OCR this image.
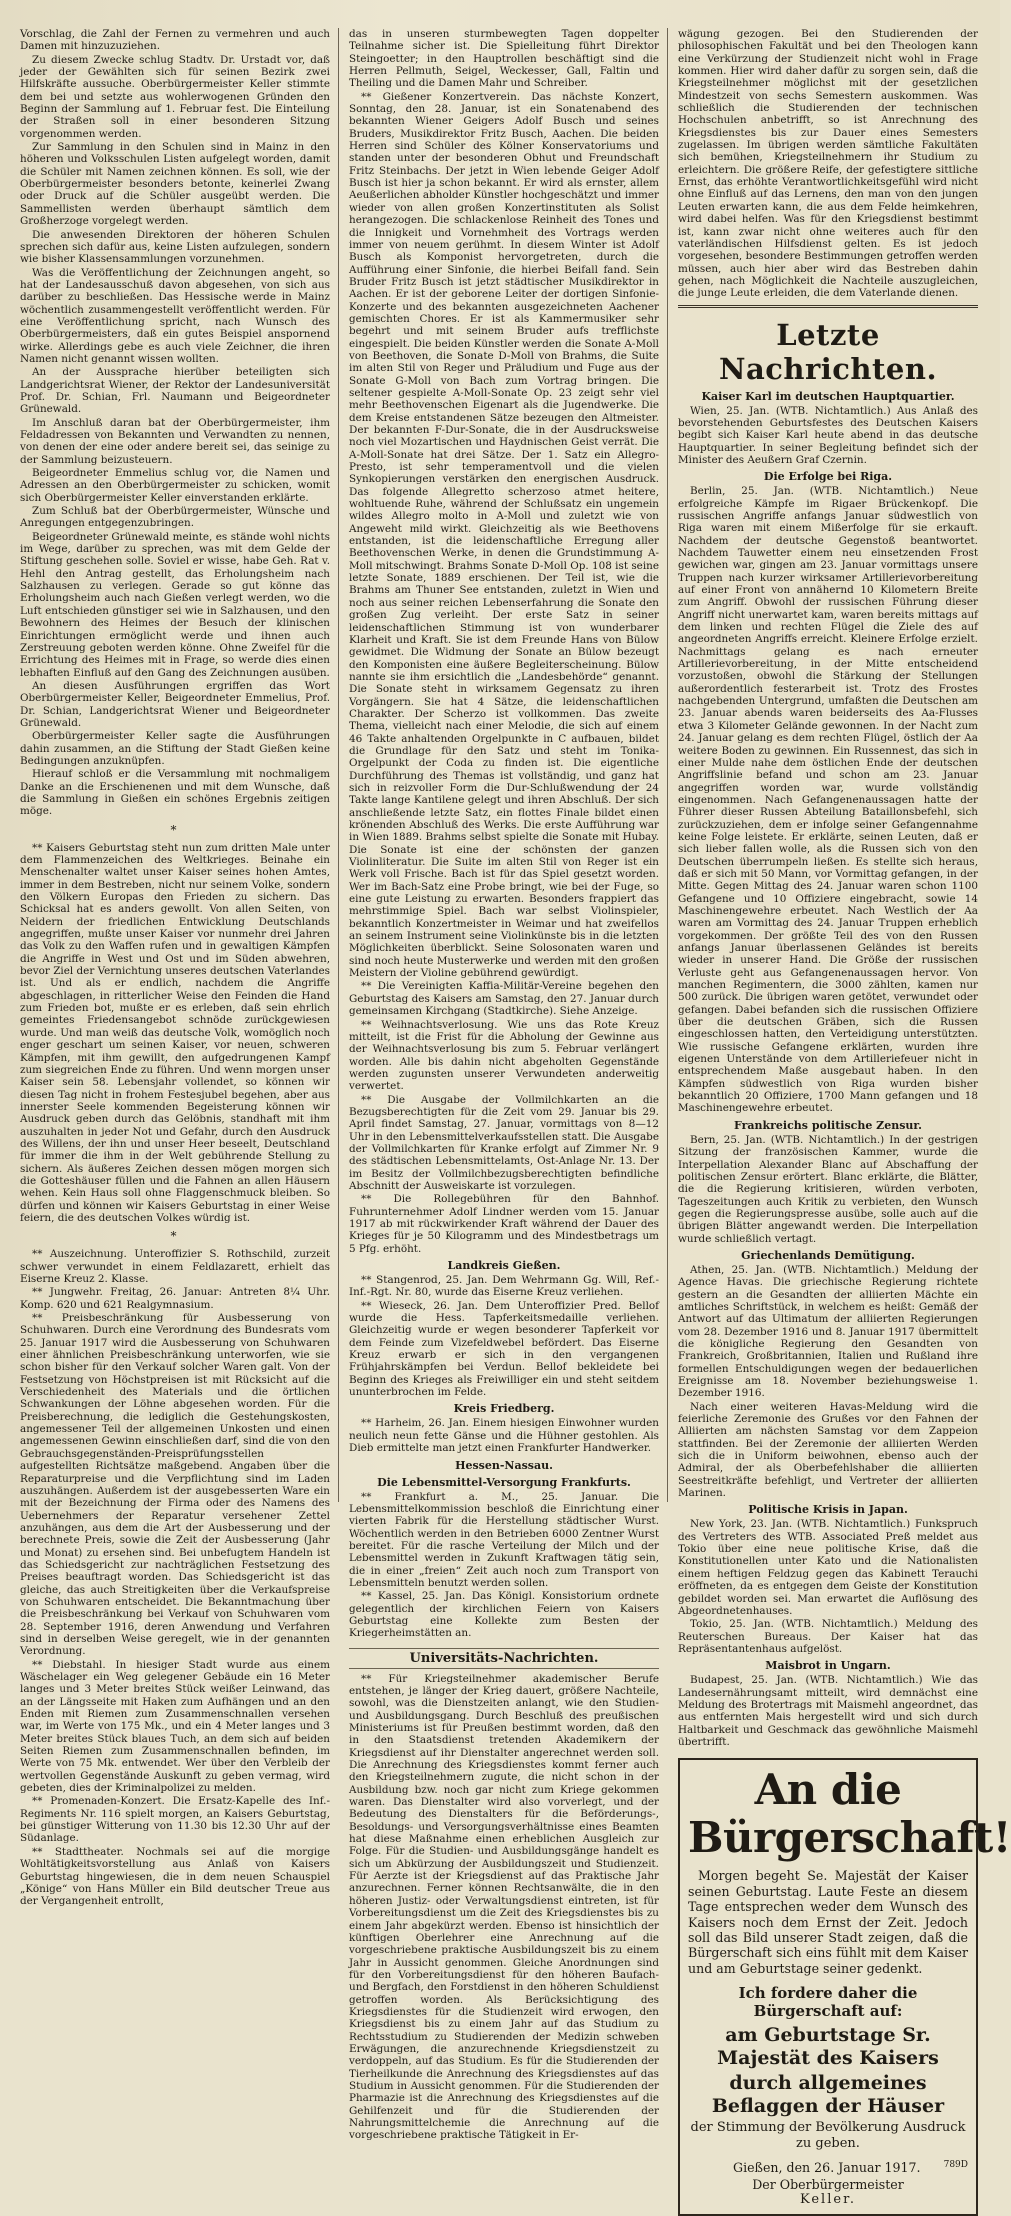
Vorschlag, die Zahl der Fernen zu vermehren und auch Damen mit hinzuzuziehen.

Zu diesem Zwecke schlug Stadtv. Dr. Urstadt vor, daß jeder der Gewählten sich für seinen Bezirk zwei Hilfskräfte aussuche. Oberbürgermeister Keller stimmte dem bei und setzte aus wohlerwogenen Gründen den Beginn der Sammlung auf 1. Februar fest. Die Einteilung der Straßen soll in einer besonderen Sitzung vorgenommen werden.

Zur Sammlung in den Schulen sind in Mainz in den höheren und Volksschulen Listen aufgelegt worden, damit die Schüler mit Namen zeichnen können. Es soll, wie der Oberbürgermeister besonders betonte, keinerlei Zwang oder Druck auf die Schüler ausgeübt werden. Die Sammellisten werden überhaupt sämtlich dem Großherzoge vorgelegt werden.

Die anwesenden Direktoren der höheren Schulen sprechen sich dafür aus, keine Listen aufzulegen, sondern wie bisher Klassensammlungen vorzunehmen.

Was die Veröffentlichung der Zeichnungen angeht, so hat der Landesausschuß davon abgesehen, von sich aus darüber zu beschließen. Das Hessische werde in Mainz wöchentlich zusammengestellt veröffentlicht werden. Für eine Veröffentlichung spricht, nach Wunsch des Oberbürgermeisters, daß ein gutes Beispiel anspornend wirke. Allerdings gebe es auch viele Zeichner, die ihren Namen nicht genannt wissen wollten.

An der Aussprache hierüber beteiligten sich Landgerichtsrat Wiener, der Rektor der Landesuniversität Prof. Dr. Schian, Frl. Naumann und Beigeordneter Grünewald.

Im Anschluß daran bat der Oberbürgermeister, ihm Feldadressen von Bekannten und Verwandten zu nennen, von denen der eine oder andere bereit sei, das seinige zu der Sammlung beizusteuern.

Beigeordneter Emmelius schlug vor, die Namen und Adressen an den Oberbürgermeister zu schicken, womit sich Oberbürgermeister Keller einverstanden erklärte.

Zum Schluß bat der Oberbürgermeister, Wünsche und Anregungen entgegenzubringen.

Beigeordneter Grünewald meinte, es stände wohl nichts im Wege, darüber zu sprechen, was mit dem Gelde der Stiftung geschehen solle. Soviel er wisse, habe Geh. Rat v. Hehl den Antrag gestellt, das Erholungsheim nach Salzhausen zu verlegen. Gerade so gut könne das Erholungsheim auch nach Gießen verlegt werden, wo die Luft entschieden günstiger sei wie in Salzhausen, und den Bewohnern des Heimes der Besuch der klinischen Einrichtungen ermöglicht werde und ihnen auch Zerstreuung geboten werden könne. Ohne Zweifel für die Errichtung des Heimes mit in Frage, so werde dies einen lebhaften Einfluß auf den Gang des Zeichnungen ausüben.

An diesen Ausführungen ergriffen das Wort Oberbürgermeister Keller, Beigeordneter Emmelius, Prof. Dr. Schian, Landgerichtsrat Wiener und Beigeordneter Grünewald.

Oberbürgermeister Keller sagte die Ausführungen dahin zusammen, an die Stiftung der Stadt Gießen keine Bedingungen anzuknüpfen.

Hierauf schloß er die Versammlung mit nochmaligem Danke an die Erschienenen und mit dem Wunsche, daß die Sammlung in Gießen ein schönes Ergebnis zeitigen möge.

*

** Kaisers Geburtstag steht nun zum dritten Male unter dem Flammenzeichen des Weltkrieges. Beinahe ein Menschenalter waltet unser Kaiser seines hohen Amtes, immer in dem Bestreben, nicht nur seinem Volke, sondern den Völkern Europas den Frieden zu sichern. Das Schicksal hat es anders gewollt. Von allen Seiten, von Neidern der friedlichen Entwicklung Deutschlands angegriffen, mußte unser Kaiser vor nunmehr drei Jahren das Volk zu den Waffen rufen und in gewaltigen Kämpfen die Angriffe in West und Ost und im Süden abwehren, bevor Ziel der Vernichtung unseres deutschen Vaterlandes ist. Und als er endlich, nachdem die Angriffe abgeschlagen, in ritterlicher Weise den Feinden die Hand zum Frieden bot, mußte er es erleben, daß sein ehrlich gemeintes Friedensangebot schnöde zurückgewiesen wurde. Und man weiß das deutsche Volk, womöglich noch enger geschart um seinen Kaiser, vor neuen, schweren Kämpfen, mit ihm gewillt, den aufgedrungenen Kampf zum siegreichen Ende zu führen. Und wenn morgen unser Kaiser sein 58. Lebensjahr vollendet, so können wir diesen Tag nicht in frohem Festesjubel begehen, aber aus innerster Seele kommenden Begeisterung können wir Ausdruck geben durch das Gelöbnis, standhaft mit ihm auszuhalten in jeder Not und Gefahr, durch den Ausdruck des Willens, der ihn und unser Heer beseelt, Deutschland für immer die ihm in der Welt gebührende Stellung zu sichern. Als äußeres Zeichen dessen mögen morgen sich die Gotteshäuser füllen und die Fahnen an allen Häusern wehen. Kein Haus soll ohne Flaggenschmuck bleiben. So dürfen und können wir Kaisers Geburtstag in einer Weise feiern, die des deutschen Volkes würdig ist.

*

** Auszeichnung. Unteroffizier S. Rothschild, zurzeit schwer verwundet in einem Feldlazarett, erhielt das Eiserne Kreuz 2. Klasse.

** Jungwehr. Freitag, 26. Januar: Antreten 8¼ Uhr. Komp. 620 und 621 Realgymnasium.

** Preisbeschränkung für Ausbesserung von Schuhwaren. Durch eine Verordnung des Bundesrats vom 25. Januar 1917 wird die Ausbesserung von Schuhwaren einer ähnlichen Preisbeschränkung unterworfen, wie sie schon bisher für den Verkauf solcher Waren galt. Von der Festsetzung von Höchstpreisen ist mit Rücksicht auf die Verschiedenheit des Materials und die örtlichen Schwankungen der Löhne abgesehen worden. Für die Preisberechnung, die lediglich die Gestehungskosten, angemessener Teil der allgemeinen Unkosten und einen angemessenen Gewinn einschließen darf, sind die von den Gebrauchsgegenständen-Preisprüfungsstellen aufgestellten Richtsätze maßgebend. Angaben über die Reparaturpreise und die Verpflichtung sind im Laden auszuhängen. Außerdem ist der ausgebesserten Ware ein mit der Bezeichnung der Firma oder des Namens des Uebernehmers der Reparatur versehener Zettel anzuhängen, aus dem die Art der Ausbesserung und der berechnete Preis, sowie die Zeit der Ausbesserung (Jahr und Monat) zu ersehen sind. Bei unbefugtem Handeln ist das Schiedsgericht zur nachträglichen Festsetzung des Preises beauftragt worden. Das Schiedsgericht ist das gleiche, das auch Streitigkeiten über die Verkaufspreise von Schuhwaren entscheidet. Die Bekanntmachung über die Preisbeschränkung bei Verkauf von Schuhwaren vom 28. September 1916, deren Anwendung und Verfahren sind in derselben Weise geregelt, wie in der genannten Verordnung.

** Diebstahl. In hiesiger Stadt wurde aus einem Wäschelager ein Weg gelegener Gebäude ein 16 Meter langes und 3 Meter breites Stück weißer Leinwand, das an der Längsseite mit Haken zum Aufhängen und an den Enden mit Riemen zum Zusammenschnallen versehen war, im Werte von 175 Mk., und ein 4 Meter langes und 3 Meter breites Stück blaues Tuch, an dem sich auf beiden Seiten Riemen zum Zusammenschnallen befinden, im Werte von 75 Mk. entwendet. Wer über den Verbleib der wertvollen Gegenstände Auskunft zu geben vermag, wird gebeten, dies der Kriminalpolizei zu melden.

** Promenaden-Konzert. Die Ersatz-Kapelle des Inf.-Regiments Nr. 116 spielt morgen, an Kaisers Geburtstag, bei günstiger Witterung von 11.30 bis 12.30 Uhr auf der Südanlage.

** Stadttheater. Nochmals sei auf die morgige Wohltätigkeitsvorstellung aus Anlaß von Kaisers Geburtstag hingewiesen, die in dem neuen Schauspiel „Könige“ von Hans Müller ein Bild deutscher Treue aus der Vergangenheit entrollt,

das in unseren sturmbewegten Tagen doppelter Teilnahme sicher ist. Die Spielleitung führt Direktor Steingoetter; in den Hauptrollen beschäftigt sind die Herren Pellmuth, Seigel, Weckesser, Gall, Faltin und Theiling und die Damen Mahr und Schreiber.

** Gießener Konzertverein. Das nächste Konzert, Sonntag, den 28. Januar, ist ein Sonatenabend des bekannten Wiener Geigers Adolf Busch und seines Bruders, Musikdirektor Fritz Busch, Aachen. Die beiden Herren sind Schüler des Kölner Konservatoriums und standen unter der besonderen Obhut und Freundschaft Fritz Steinbachs. Der jetzt in Wien lebende Geiger Adolf Busch ist hier ja schon bekannt. Er wird als ernster, allem Aeußerlichen abholder Künstler hochgeschätzt und immer wieder von allen großen Konzertinstituten als Solist herangezogen. Die schlackenlose Reinheit des Tones und die Innigkeit und Vornehmheit des Vortrags werden immer von neuem gerühmt. In diesem Winter ist Adolf Busch als Komponist hervorgetreten, durch die Aufführung einer Sinfonie, die hierbei Beifall fand. Sein Bruder Fritz Busch ist jetzt städtischer Musikdirektor in Aachen. Er ist der geborene Leiter der dortigen Sinfonie-Konzerte und des bekannten ausgezeichneten Aachener gemischten Chores. Er ist als Kammermusiker sehr begehrt und mit seinem Bruder aufs trefflichste eingespielt. Die beiden Künstler werden die Sonate A-Moll von Beethoven, die Sonate D-Moll von Brahms, die Suite im alten Stil von Reger und Präludium und Fuge aus der Sonate G-Moll von Bach zum Vortrag bringen. Die seltener gespielte A-Moll-Sonate Op. 23 zeigt sehr viel mehr Beethovenschen Eigenart als die Jugendwerke. Die dem Kreise entstandenen Sätze bezeugen den Altmeister. Der bekannten F-Dur-Sonate, die in der Ausdrucksweise noch viel Mozartischen und Haydnischen Geist verrät. Die A-Moll-Sonate hat drei Sätze. Der 1. Satz ein Allegro-Presto, ist sehr temperamentvoll und die vielen Synkopierungen verstärken den energischen Ausdruck. Das folgende Allegretto scherzoso atmet heitere, wohltuende Ruhe, während der Schlußsatz ein ungemein wildes Allegro molto in A-Moll und zuletzt wie von Angeweht mild wirkt. Gleichzeitig als wie Beethovens entstanden, ist die leidenschaftliche Erregung aller Beethovenschen Werke, in denen die Grundstimmung A-Moll mitschwingt. Brahms Sonate D-Moll Op. 108 ist seine letzte Sonate, 1889 erschienen. Der Teil ist, wie die Brahms am Thuner See entstanden, zuletzt in Wien und noch aus seiner reichen Lebenserfahrung die Sonate den großen Zug verleiht. Der erste Satz in seiner leidenschaftlichen Stimmung ist von wunderbarer Klarheit und Kraft. Sie ist dem Freunde Hans von Bülow gewidmet. Die Widmung der Sonate an Bülow bezeugt den Komponisten eine äußere Begleiterscheinung. Bülow nannte sie ihm ersichtlich die „Landesbehörde“ genannt. Die Sonate steht in wirksamem Gegensatz zu ihren Vorgängern. Sie hat 4 Sätze, die leidenschaftlichen Charakter. Der Scherzo ist vollkommen. Das zweite Thema, vielleicht nach einer Melodie, die sich auf einem 46 Takte anhaltenden Orgelpunkte in C aufbauen, bildet die Grundlage für den Satz und steht im Tonika-Orgelpunkt der Coda zu finden ist. Die eigentliche Durchführung des Themas ist vollständig, und ganz hat sich in reizvoller Form die Dur-Schlußwendung der 24 Takte lange Kantilene gelegt und ihren Abschluß. Der sich anschließende letzte Satz, ein flottes Finale bildet einen krönenden Abschluß des Werks. Die erste Aufführung war in Wien 1889. Brahms selbst spielte die Sonate mit Hubay. Die Sonate ist eine der schönsten der ganzen Violinliteratur. Die Suite im alten Stil von Reger ist ein Werk voll Frische. Bach ist für das Spiel gesetzt worden. Wer im Bach-Satz eine Probe bringt, wie bei der Fuge, so eine gute Leistung zu erwarten. Besonders frappiert das mehrstimmige Spiel. Bach war selbst Violinspieler, bekanntlich Konzertmeister in Weimar und hat zweifellos an seinem Instrument seine Violinkünste bis in die letzten Möglichkeiten überblickt. Seine Solosonaten waren und sind noch heute Musterwerke und werden mit den großen Meistern der Violine gebührend gewürdigt.

** Die Vereinigten Kaffia-Militär-Vereine begehen den Geburtstag des Kaisers am Samstag, den 27. Januar durch gemeinsamen Kirchgang (Stadtkirche). Siehe Anzeige.

** Weihnachtsverlosung. Wie uns das Rote Kreuz mitteilt, ist die Frist für die Abholung der Gewinne aus der Weihnachtsverlosung bis zum 5. Februar verlängert worden. Alle bis dahin nicht abgeholten Gegenstände werden zugunsten unserer Verwundeten anderweitig verwertet.

** Die Ausgabe der Vollmilchkarten an die Bezugsberechtigten für die Zeit vom 29. Januar bis 29. April findet Samstag, 27. Januar, vormittags von 8—12 Uhr in den Lebensmittelverkaufsstellen statt. Die Ausgabe der Vollmilchkarten für Kranke erfolgt auf Zimmer Nr. 9 des städtischen Lebensmittelamts, Ost-Anlage Nr. 13. Der im Besitz der Vollmilchbezugsberechtigten befindliche Abschnitt der Ausweiskarte ist vorzulegen.

** Die Rollegebühren für den Bahnhof. Fuhrunternehmer Adolf Lindner werden vom 15. Januar 1917 ab mit rückwirkender Kraft während der Dauer des Krieges für je 50 Kilogramm und des Mindestbetrags um 5 Pfg. erhöht.

Landkreis Gießen.

** Stangenrod, 25. Jan. Dem Wehrmann Gg. Will, Ref.-Inf.-Rgt. Nr. 80, wurde das Eiserne Kreuz verliehen.

** Wieseck, 26. Jan. Dem Unteroffizier Pred. Bellof wurde die Hess. Tapferkeitsmedaille verliehen. Gleichzeitig wurde er wegen besonderer Tapferkeit vor dem Feinde zum Vizefeldwebel befördert. Das Eiserne Kreuz erwarb er sich in den vergangenen Frühjahrskämpfen bei Verdun. Bellof bekleidete bei Beginn des Krieges als Freiwilliger ein und steht seitdem ununterbrochen im Felde.

Kreis Friedberg.

** Harheim, 26. Jan. Einem hiesigen Einwohner wurden neulich neun fette Gänse und die Hühner gestohlen. Als Dieb ermittelte man jetzt einen Frankfurter Handwerker.

Hessen-Nassau.
Die Lebensmittel-Versorgung Frankfurts.

** Frankfurt a. M., 25. Januar. Die Lebensmittelkommission beschloß die Einrichtung einer vierten Fabrik für die Herstellung städtischer Wurst. Wöchentlich werden in den Betrieben 6000 Zentner Wurst bereitet. Für die rasche Verteilung der Milch und der Lebensmittel werden in Zukunft Kraftwagen tätig sein, die in einer „freien“ Zeit auch noch zum Transport von Lebensmitteln benutzt werden sollen.

** Kassel, 25. Jan. Das Königl. Konsistorium ordnete gelegentlich der kirchlichen Feiern von Kaisers Geburtstag eine Kollekte zum Besten der Kriegerheimstätten an.

Universitäts-Nachrichten.

** Für Kriegsteilnehmer akademischer Berufe entstehen, je länger der Krieg dauert, größere Nachteile, sowohl, was die Dienstzeiten anlangt, wie den Studien- und Ausbildungsgang. Durch Beschluß des preußischen Ministeriums ist für Preußen bestimmt worden, daß den in den Staatsdienst tretenden Akademikern der Kriegsdienst auf ihr Dienstalter angerechnet werden soll. Die Anrechnung des Kriegsdienstes kommt ferner auch den Kriegsteilnehmern zugute, die nicht schon in der Ausbildung bzw. noch gar nicht zum Kriege gekommen waren. Das Dienstalter wird also vorverlegt, und der Bedeutung des Dienstalters für die Beförderungs-, Besoldungs- und Versorgungsverhältnisse eines Beamten hat diese Maßnahme einen erheblichen Ausgleich zur Folge. Für die Studien- und Ausbildungsgänge handelt es sich um Abkürzung der Ausbildungszeit und Studienzeit. Für Aerzte ist der Kriegsdienst auf das Praktische Jahr anzurechnen. Ferner können Rechtsanwälte, die in den höheren Justiz- oder Verwaltungsdienst eintreten, ist für Vorbereitungsdienst um die Zeit des Kriegsdienstes bis zu einem Jahr abgekürzt werden. Ebenso ist hinsichtlich der künftigen Oberlehrer eine Anrechnung auf die vorgeschriebene praktische Ausbildungszeit bis zu einem Jahr in Aussicht genommen. Gleiche Anordnungen sind für den Vorbereitungsdienst für den höheren Baufach- und Bergfach, den Forstdienst in den höheren Schuldienst getroffen worden. Als Berücksichtigung des Kriegsdienstes für die Studienzeit wird erwogen, den Kriegsdienst bis zu einem Jahr auf das Studium zu Rechtsstudium zu Studierenden der Medizin schweben Erwägungen, die anzurechnende Kriegsdienstzeit zu verdoppeln, auf das Studium. Es für die Studierenden der Tierheilkunde die Anrechnung des Kriegsdienstes auf das Studium in Aussicht genommen. Für die Studierenden der Pharmazie ist die Anrechnung des Kriegsdienstes auf die Gehilfenzeit und für die Studierenden der Nahrungsmittelchemie die Anrechnung auf die vorgeschriebene praktische Tätigkeit in Er-

wägung gezogen. Bei den Studierenden der philosophischen Fakultät und bei den Theologen kann eine Verkürzung der Studienzeit nicht wohl in Frage kommen. Hier wird daher dafür zu sorgen sein, daß die Kriegsteilnehmer möglichst mit der gesetzlichen Mindestzeit von sechs Semestern auskommen. Was schließlich die Studierenden der technischen Hochschulen anbetrifft, so ist Anrechnung des Kriegsdienstes bis zur Dauer eines Semesters zugelassen. Im übrigen werden sämtliche Fakultäten sich bemühen, Kriegsteilnehmern ihr Studium zu erleichtern. Die größere Reife, der gefestigtere sittliche Ernst, das erhöhte Verantwortlichkeitsgefühl wird nicht ohne Einfluß auf das Lernens, den man von den jungen Leuten erwarten kann, die aus dem Felde heimkehren, wird dabei helfen. Was für den Kriegsdienst bestimmt ist, kann zwar nicht ohne weiteres auch für den vaterländischen Hilfsdienst gelten. Es ist jedoch vorgesehen, besondere Bestimmungen getroffen werden müssen, auch hier aber wird das Bestreben dahin gehen, nach Möglichkeit die Nachteile auszugleichen, die junge Leute erleiden, die dem Vaterlande dienen.

Letzte Nachrichten.
Kaiser Karl im deutschen Hauptquartier.

Wien, 25. Jan. (WTB. Nichtamtlich.) Aus Anlaß des bevorstehenden Geburtsfestes des Deutschen Kaisers begibt sich Kaiser Karl heute abend in das deutsche Hauptquartier. In seiner Begleitung befindet sich der Minister des Aeußern Graf Czernin.

Die Erfolge bei Riga.

Berlin, 25. Jan. (WTB. Nichtamtlich.) Neue erfolgreiche Kämpfe im Rigaer Brückenkopf. Die russischen Angriffe anfangs Januar südwestlich von Riga waren mit einem Mißerfolge für sie erkauft. Nachdem der deutsche Gegenstoß beantwortet. Nachdem Tauwetter einem neu einsetzenden Frost gewichen war, gingen am 23. Januar vormittags unsere Truppen nach kurzer wirksamer Artillerievorbereitung auf einer Front von annähernd 10 Kilometern Breite zum Angriff. Obwohl der russischen Führung dieser Angriff nicht unerwartet kam, waren bereits mittags auf dem linken und rechten Flügel die Ziele des auf angeordneten Angriffs erreicht. Kleinere Erfolge erzielt. Nachmittags gelang es nach erneuter Artillerievorbereitung, in der Mitte entscheidend vorzustoßen, obwohl die Stärkung der Stellungen außerordentlich festerarbeit ist. Trotz des Frostes nachgebenden Untergrund, umfaßten die Deutschen am 23. Januar abends waren beiderseits des Aa-Flusses etwa 3 Kilometer Gelände gewonnen. In der Nacht zum 24. Januar gelang es dem rechten Flügel, östlich der Aa weitere Boden zu gewinnen. Ein Russennest, das sich in einer Mulde nahe dem östlichen Ende der deutschen Angriffslinie befand und schon am 23. Januar angegriffen worden war, wurde vollständig eingenommen. Nach Gefangenenaussagen hatte der Führer dieser Russen Abteilung Bataillonsbefehl, sich zurückzuziehen, dem er infolge seiner Gefangennahme keine Folge leistete. Er erklärte, seinen Leuten, daß er sich lieber fallen wolle, als die Russen sich von den Deutschen überrumpeln ließen. Es stellte sich heraus, daß er sich mit 50 Mann, vor Vormittag gefangen, in der Mitte. Gegen Mittag des 24. Januar waren schon 1100 Gefangene und 10 Offiziere eingebracht, sowie 14 Maschinengewehre erbeutet. Nach Westlich der Aa waren am Vormittag des 24. Januar Truppen erheblich vorgekommen. Der größte Teil des von den Russen anfangs Januar überlassenen Geländes ist bereits wieder in unserer Hand. Die Größe der russischen Verluste geht aus Gefangenenaussagen hervor. Von manchen Regimentern, die 3000 zählten, kamen nur 500 zurück. Die übrigen waren getötet, verwundet oder gefangen. Dabei befanden sich die russischen Offiziere über die deutschen Gräben, sich die Russen eingeschlossen hatten, den Verteidigung unterstützten. Wie russische Gefangene erklärten, wurden ihre eigenen Unterstände von dem Artilleriefeuer nicht in entsprechendem Maße ausgebaut haben. In den Kämpfen südwestlich von Riga wurden bisher bekanntlich 20 Offiziere, 1700 Mann gefangen und 18 Maschinengewehre erbeutet.

Frankreichs politische Zensur.

Bern, 25. Jan. (WTB. Nichtamtlich.) In der gestrigen Sitzung der französischen Kammer, wurde die Interpellation Alexander Blanc auf Abschaffung der politischen Zensur erörtert. Blanc erklärte, die Blätter, die die Regierung kritisieren, würden verboten, Tageszeitungen auch Kritik zu verbieten, den Wunsch gegen die Regierungspresse ausübe, solle auch auf die übrigen Blätter angewandt werden. Die Interpellation wurde schließlich vertagt.

Griechenlands Demütigung.

Athen, 25. Jan. (WTB. Nichtamtlich.) Meldung der Agence Havas. Die griechische Regierung richtete gestern an die Gesandten der alliierten Mächte ein amtliches Schriftstück, in welchem es heißt: Gemäß der Antwort auf das Ultimatum der alliierten Regierungen vom 28. Dezember 1916 und 8. Januar 1917 übermittelt die königliche Regierung den Gesandten von Frankreich, Großbritannien, Italien und Rußland ihre formellen Entschuldigungen wegen der bedauerlichen Ereignisse am 18. November beziehungsweise 1. Dezember 1916.

Nach einer weiteren Havas-Meldung wird die feierliche Zeremonie des Grußes vor den Fahnen der Alliierten am nächsten Samstag vor dem Zappeion stattfinden. Bei der Zeremonie der alliierten Werden sich die in Uniform beiwohnen, ebenso auch der Admiral, der als Oberbefehlshaber die alliierten Seestreitkräfte befehligt, und Vertreter der alliierten Marinen.

Politische Krisis in Japan.

New York, 23. Jan. (WTB. Nichtamtlich.) Funkspruch des Vertreters des WTB. Associated Preß meldet aus Tokio über eine neue politische Krise, daß die Konstitutionellen unter Kato und die Nationalisten einem heftigen Feldzug gegen das Kabinett Terauchi eröffneten, da es entgegen dem Geiste der Konstitution gebildet worden sei. Man erwartet die Auflösung des Abgeordnetenhauses.

Tokio, 25. Jan. (WTB. Nichtamtlich.) Meldung des Reuterschen Bureaus. Der Kaiser hat das Repräsentantenhaus aufgelöst.

Maisbrot in Ungarn.

Budapest, 25. Jan. (WTB. Nichtamtlich.) Wie das Landesernährungsamt mitteilt, wird demnächst eine Meldung des Brotertrags mit Maismehl angeordnet, das aus entfernten Mais hergestellt wird und sich durch Haltbarkeit und Geschmack das gewöhnliche Maismehl übertrifft.

An die Bürgerschaft!

Morgen begeht Se. Majestät der Kaiser seinen Geburtstag. Laute Feste an diesem Tage entsprechen weder dem Wunsch des Kaisers noch dem Ernst der Zeit. Jedoch soll das Bild unserer Stadt zeigen, daß die Bürgerschaft sich eins fühlt mit dem Kaiser und am Geburtstage seiner gedenkt.

Ich fordere daher die Bürgerschaft auf:

am Geburtstage Sr. Majestät des Kaisers

durch allgemeines Beflaggen der Häuser

der Stimmung der Bevölkerung Ausdruck zu geben.

Gießen, den 26. Januar 1917.	789D
Der Oberbürgermeister
Keller.
